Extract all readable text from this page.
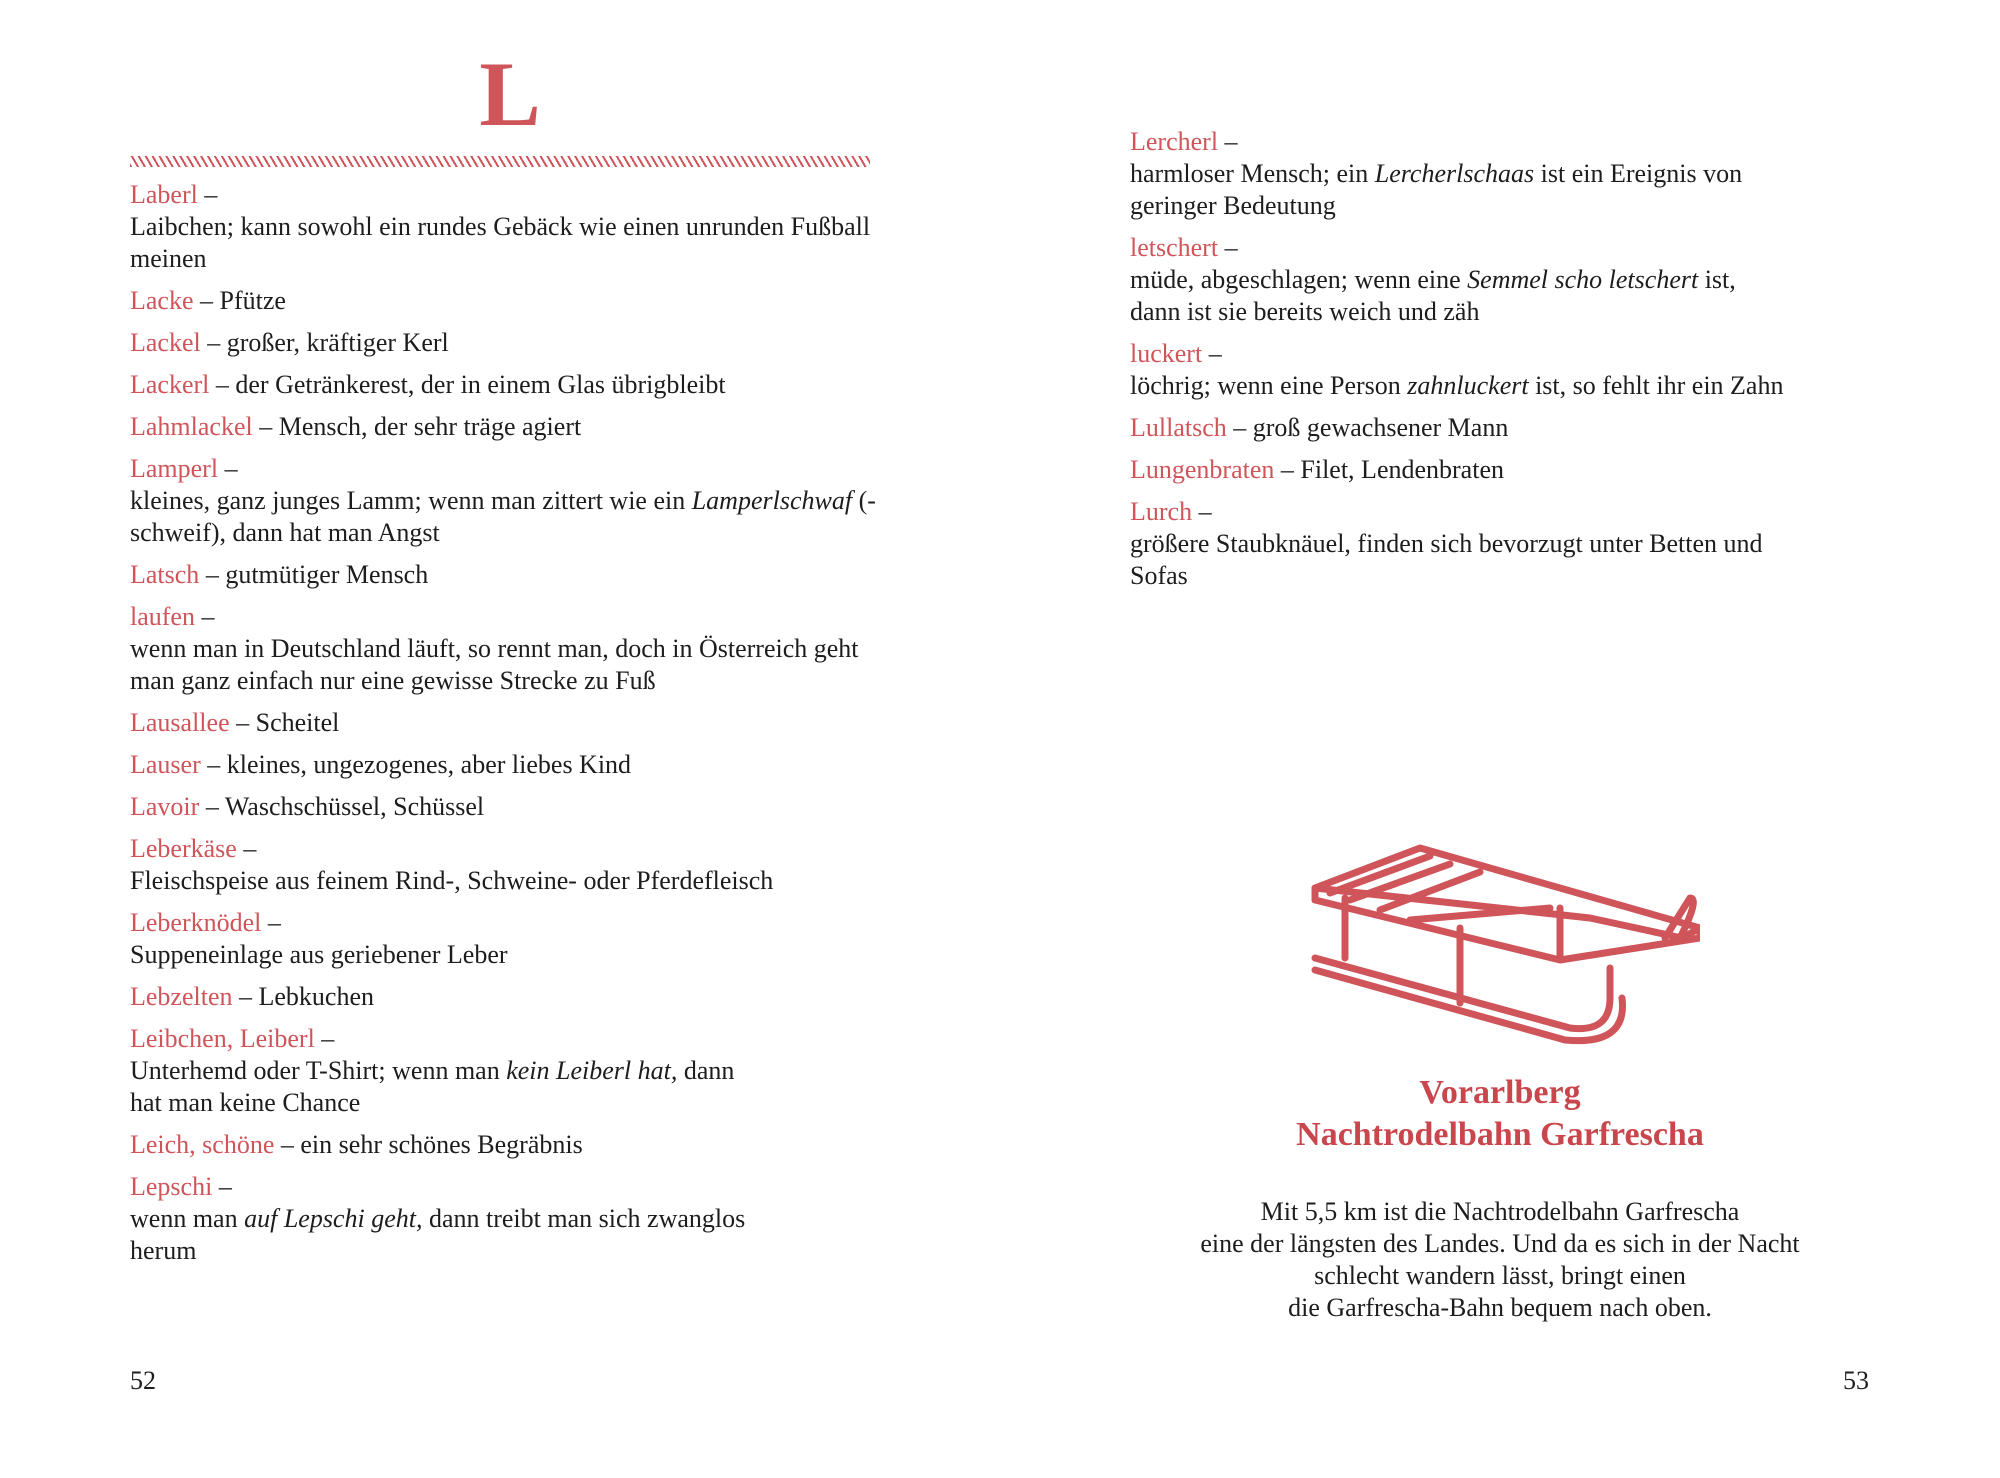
L
Laberl –
Laibchen; kann sowohl ein rundes Gebäck wie einen unrunden Fußball meinen
Lacke – Pfütze
Lackel – großer, kräftiger Kerl
Lackerl – der Getränkerest, der in einem Glas übrigbleibt
Lahmlackel – Mensch, der sehr träge agiert
Lamperl –
kleines, ganz junges Lamm; wenn man zittert wie ein Lamperlschwaf (-schweif), dann hat man Angst
Latsch – gutmütiger Mensch
laufen –
wenn man in Deutschland läuft, so rennt man, doch in Österreich geht man ganz einfach nur eine gewisse Strecke zu Fuß
Lausallee – Scheitel
Lauser – kleines, ungezogenes, aber liebes Kind
Lavoir – Waschschüssel, Schüssel
Leberkäse –
Fleischspeise aus feinem Rind-, Schweine- oder Pferdefleisch
Leberknödel –
Suppeneinlage aus geriebener Leber
Lebzelten – Lebkuchen
Leibchen, Leiberl –
Unterhemd oder T-Shirt; wenn man kein Leiberl hat, dann hat man keine Chance
Leich, schöne – ein sehr schönes Begräbnis
Lepschi –
wenn man auf Lepschi geht, dann treibt man sich zwanglos herum
Lercherl –
harmloser Mensch; ein Lercherlschaas ist ein Ereignis von geringer Bedeutung
letschert –
müde, abgeschlagen; wenn eine Semmel scho letschert ist, dann ist sie bereits weich und zäh
luckert –
löchrig; wenn eine Person zahnluckert ist, so fehlt ihr ein Zahn
Lullatsch – groß gewachsener Mann
Lungenbraten – Filet, Lendenbraten
Lurch –
größere Staubknäuel, finden sich bevorzugt unter Betten und Sofas
Vorarlberg
Nachtrodelbahn Garfrescha
Mit 5,5 km ist die Nachtrodelbahn Garfrescha
eine der längsten des Landes. Und da es sich in der Nacht
schlecht wandern lässt, bringt einen
die Garfrescha-Bahn bequem nach oben.
52	53
